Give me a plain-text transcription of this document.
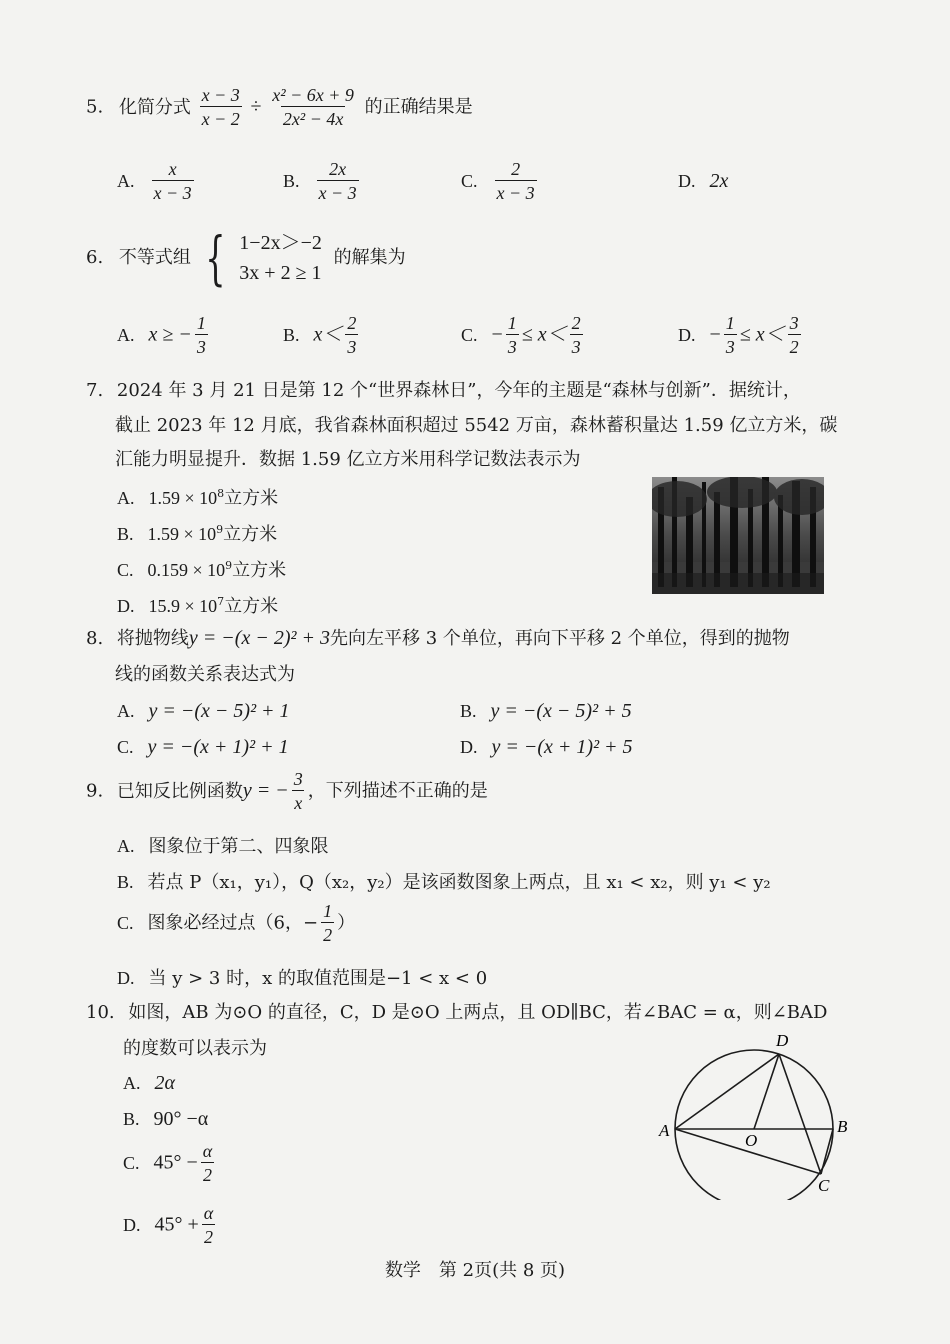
5. 化简分式 $\frac{x - 3}{x - 2} \div \frac{\text{x² − 6x + 9}}{\text{2x² − 4x}}$ 的正确结果是
A. $\frac{x}{x - 3}$	B. $\frac{2x}{x - 3}$	C. $\frac{2}{x - 3}$	D. 2x
6. 不等式组 { 1−2x＞−2
3x + 2 ≥ 1
的解集为
A. x ≥ − $\frac{1}{3}$	B. $x< \frac{2}{3}$	C. − $\frac{1}{3} \le x< \frac{2}{3}$	D. − $\frac{1}{3} \le x< \frac{3}{2}$
7. 2024 年 3 月 21 日是第 12 个“世界森林日”，今年的主题是“森林与创新”．据统计，
截止 2023 年 12 月底，我省森林面积超过 5542 万亩，森林蓄积量达 1.59 亿立方米，碳
汇能力明显提升．数据 1.59 亿立方米用科学记数法表示为
A. $1.59 \times 10^8$立方米
B. $1.59 \times 10^9$立方米
C. $0.159 \times 10^9$立方米
D. $15.9 \times 10^7$立方米
8. 将抛物线y = −(x − 2)² + 3先向左平移 3 个单位，再向下平移 2 个单位，得到的抛物
线的函数关系表达式为
A. y = −(x − 5)² + 1	B. y = −(x − 5)² + 5
C. y = −(x + 1)² + 1	D. y = −(x + 1)² + 5
9. 已知反比例函数y = − $\frac{3}{x}$ ，下列描述不正确的是
A. 图象位于第二、四象限
B. 若点 P（x₁，y₁），Q（x₂，y₂）是该函数图象上两点，且 x₁ < x₂，则 y₁ < y₂
C. 图象必经过点（6，− $\frac{1}{2}$ ）
D. 当 y > 3 时，x 的取值范围是−1 < x < 0
10. 如图，AB 为⊙O 的直径，C，D 是⊙O 上两点，且 OD∥BC，若∠BAC = α，则∠BAD
的度数可以表示为
A. 2α
B. 90° −α
C. $45^\circ - \frac{\alpha}{2}$
D. $45^\circ + \frac{\alpha}{2}$
A	B
C
D
O
数学　第 2页(共 8 页)
